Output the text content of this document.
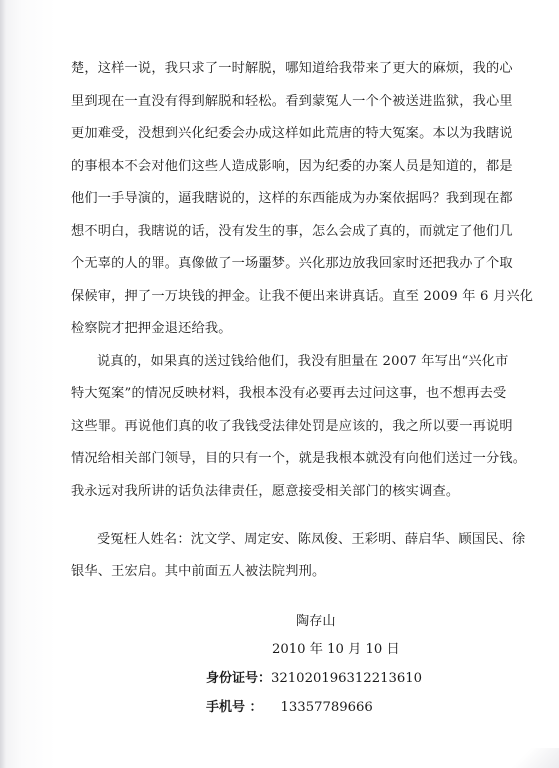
楚，这样一说，我只求了一时解脱，哪知道给我带来了更大的麻烦，我的心
里到现在一直没有得到解脱和轻松。看到蒙冤人一个个被送进监狱，我心里
更加难受，没想到兴化纪委会办成这样如此荒唐的特大冤案。本以为我瞎说
的事根本不会对他们这些人造成影响，因为纪委的办案人员是知道的，都是
他们一手导演的，逼我瞎说的，这样的东西能成为办案依据吗？我到现在都
想不明白，我瞎说的话，没有发生的事，怎么会成了真的，而就定了他们几
个无辜的人的罪。真像做了一场噩梦。兴化那边放我回家时还把我办了个取
保候审，押了一万块钱的押金。让我不便出来讲真话。直至 2009 年 6 月兴化
检察院才把押金退还给我。
说真的，如果真的送过钱给他们，我没有胆量在 2007 年写出“兴化市
特大冤案”的情况反映材料，我根本没有必要再去过问这事，也不想再去受
这些罪。再说他们真的收了我钱受法律处罚是应该的，我之所以要一再说明
情况给相关部门领导，目的只有一个，就是我根本就没有向他们送过一分钱。
我永远对我所讲的话负法律责任，愿意接受相关部门的核实调查。
受冤枉人姓名：沈文学、周定安、陈凤俊、王彩明、薛启华、顾国民、徐
银华、王宏启。其中前面五人被法院判刑。
陶存山
2010 年 10 月 10 日
身份证号：321020196312213610
手机号 ： 13357789666
